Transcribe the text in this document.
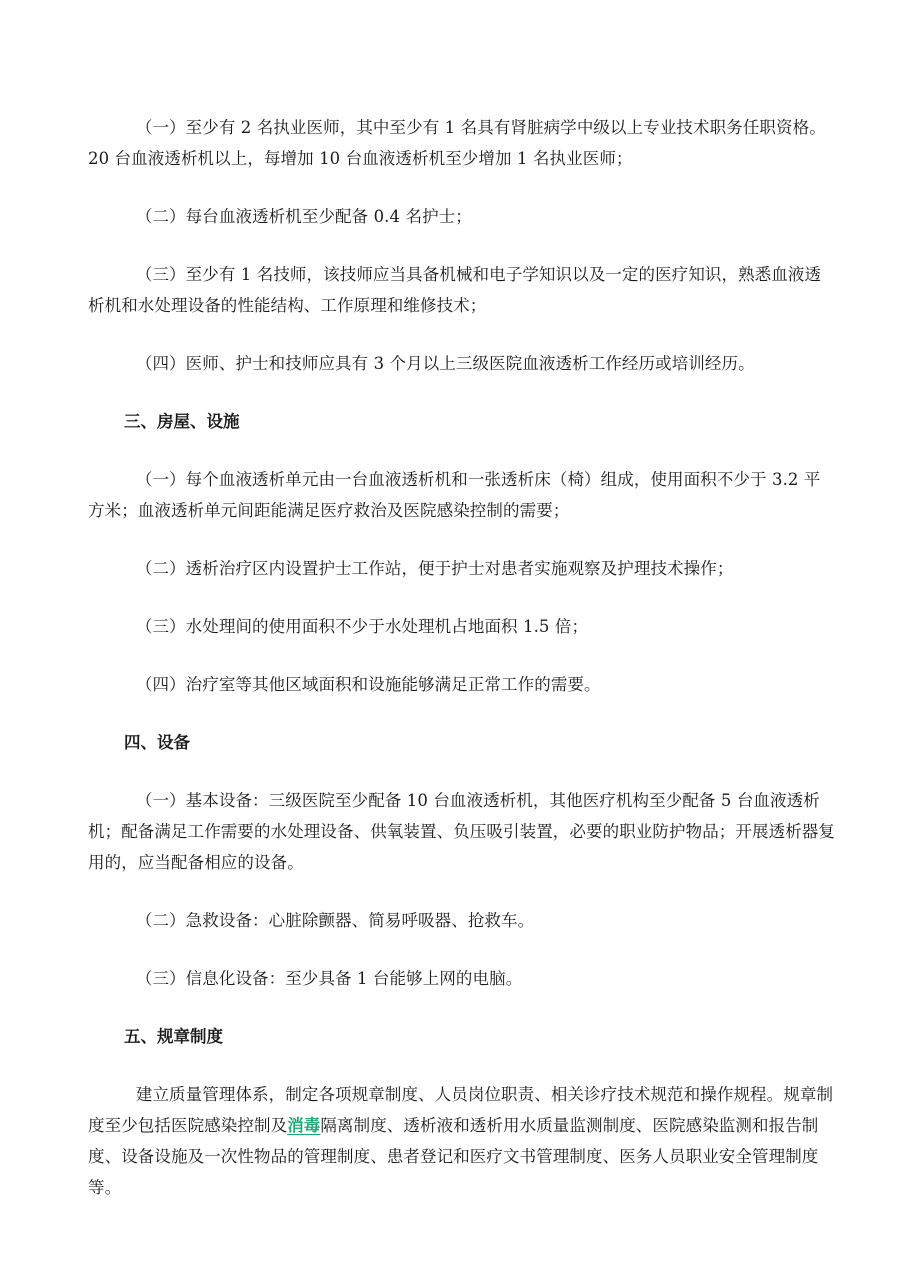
（一）至少有 2 名执业医师，其中至少有 1 名具有肾脏病学中级以上专业技术职务任职资格。20 台血液透析机以上，每增加 10 台血液透析机至少增加 1 名执业医师；

（二）每台血液透析机至少配备 0.4 名护士；

（三）至少有 1 名技师，该技师应当具备机械和电子学知识以及一定的医疗知识，熟悉血液透析机和水处理设备的性能结构、工作原理和维修技术；

（四）医师、护士和技师应具有 3 个月以上三级医院血液透析工作经历或培训经历。

三、房屋、设施

（一）每个血液透析单元由一台血液透析机和一张透析床（椅）组成，使用面积不少于 3.2 平方米；血液透析单元间距能满足医疗救治及医院感染控制的需要；

（二）透析治疗区内设置护士工作站，便于护士对患者实施观察及护理技术操作；

（三）水处理间的使用面积不少于水处理机占地面积 1.5 倍；

（四）治疗室等其他区域面积和设施能够满足正常工作的需要。

四、设备

（一）基本设备：三级医院至少配备 10 台血液透析机，其他医疗机构至少配备 5 台血液透析机；配备满足工作需要的水处理设备、供氧装置、负压吸引装置，必要的职业防护物品；开展透析器复用的，应当配备相应的设备。

（二）急救设备：心脏除颤器、简易呼吸器、抢救车。

（三）信息化设备：至少具备 1 台能够上网的电脑。

五、规章制度

建立质量管理体系，制定各项规章制度、人员岗位职责、相关诊疗技术规范和操作规程。规章制度至少包括医院感染控制及消毒隔离制度、透析液和透析用水质量监测制度、医院感染监测和报告制度、设备设施及一次性物品的管理制度、患者登记和医疗文书管理制度、医务人员职业安全管理制度等。
